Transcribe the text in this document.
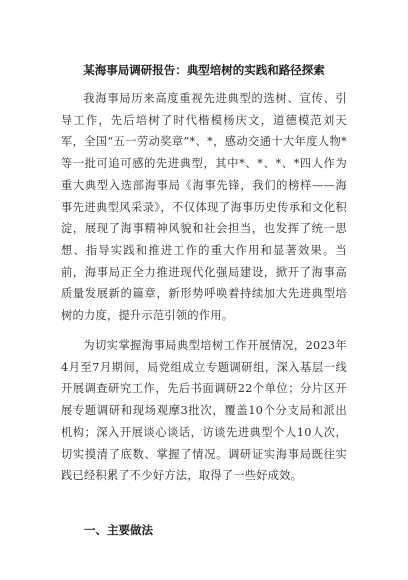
某海事局调研报告：典型培树的实践和路径探索

我海事局历来高度重视先进典型的选树、宣传、引导工作，先后培树了时代楷模杨庆文，道德模范刘天军，全国“五一劳动奖章”*、*，感动交通十大年度人物*等一批可追可感的先进典型，其中*、*、*、*四人作为重大典型入选部海事局《海事先锋，我们的榜样——海事先进典型风采录》，不仅体现了海事历史传承和文化积淀，展现了海事精神风貌和社会担当，也发挥了统一思想、指导实践和推进工作的重大作用和显著效果。当前，海事局正全力推进现代化强局建设，掀开了海事高质量发展新的篇章，新形势呼唤着持续加大先进典型培树的力度，提升示范引领的作用。

为切实掌握海事局典型培树工作开展情况，2023年4月至7月期间，局党组成立专题调研组，深入基层一线开展调查研究工作，先后书面调研22个单位；分片区开展专题调研和现场观摩3批次，覆盖10个分支局和派出机构；深入开展谈心谈话，访谈先进典型个人10人次，切实摸清了底数、掌握了情况。调研证实海事局既往实践已经积累了不少好方法，取得了一些好成效。

一、主要做法
